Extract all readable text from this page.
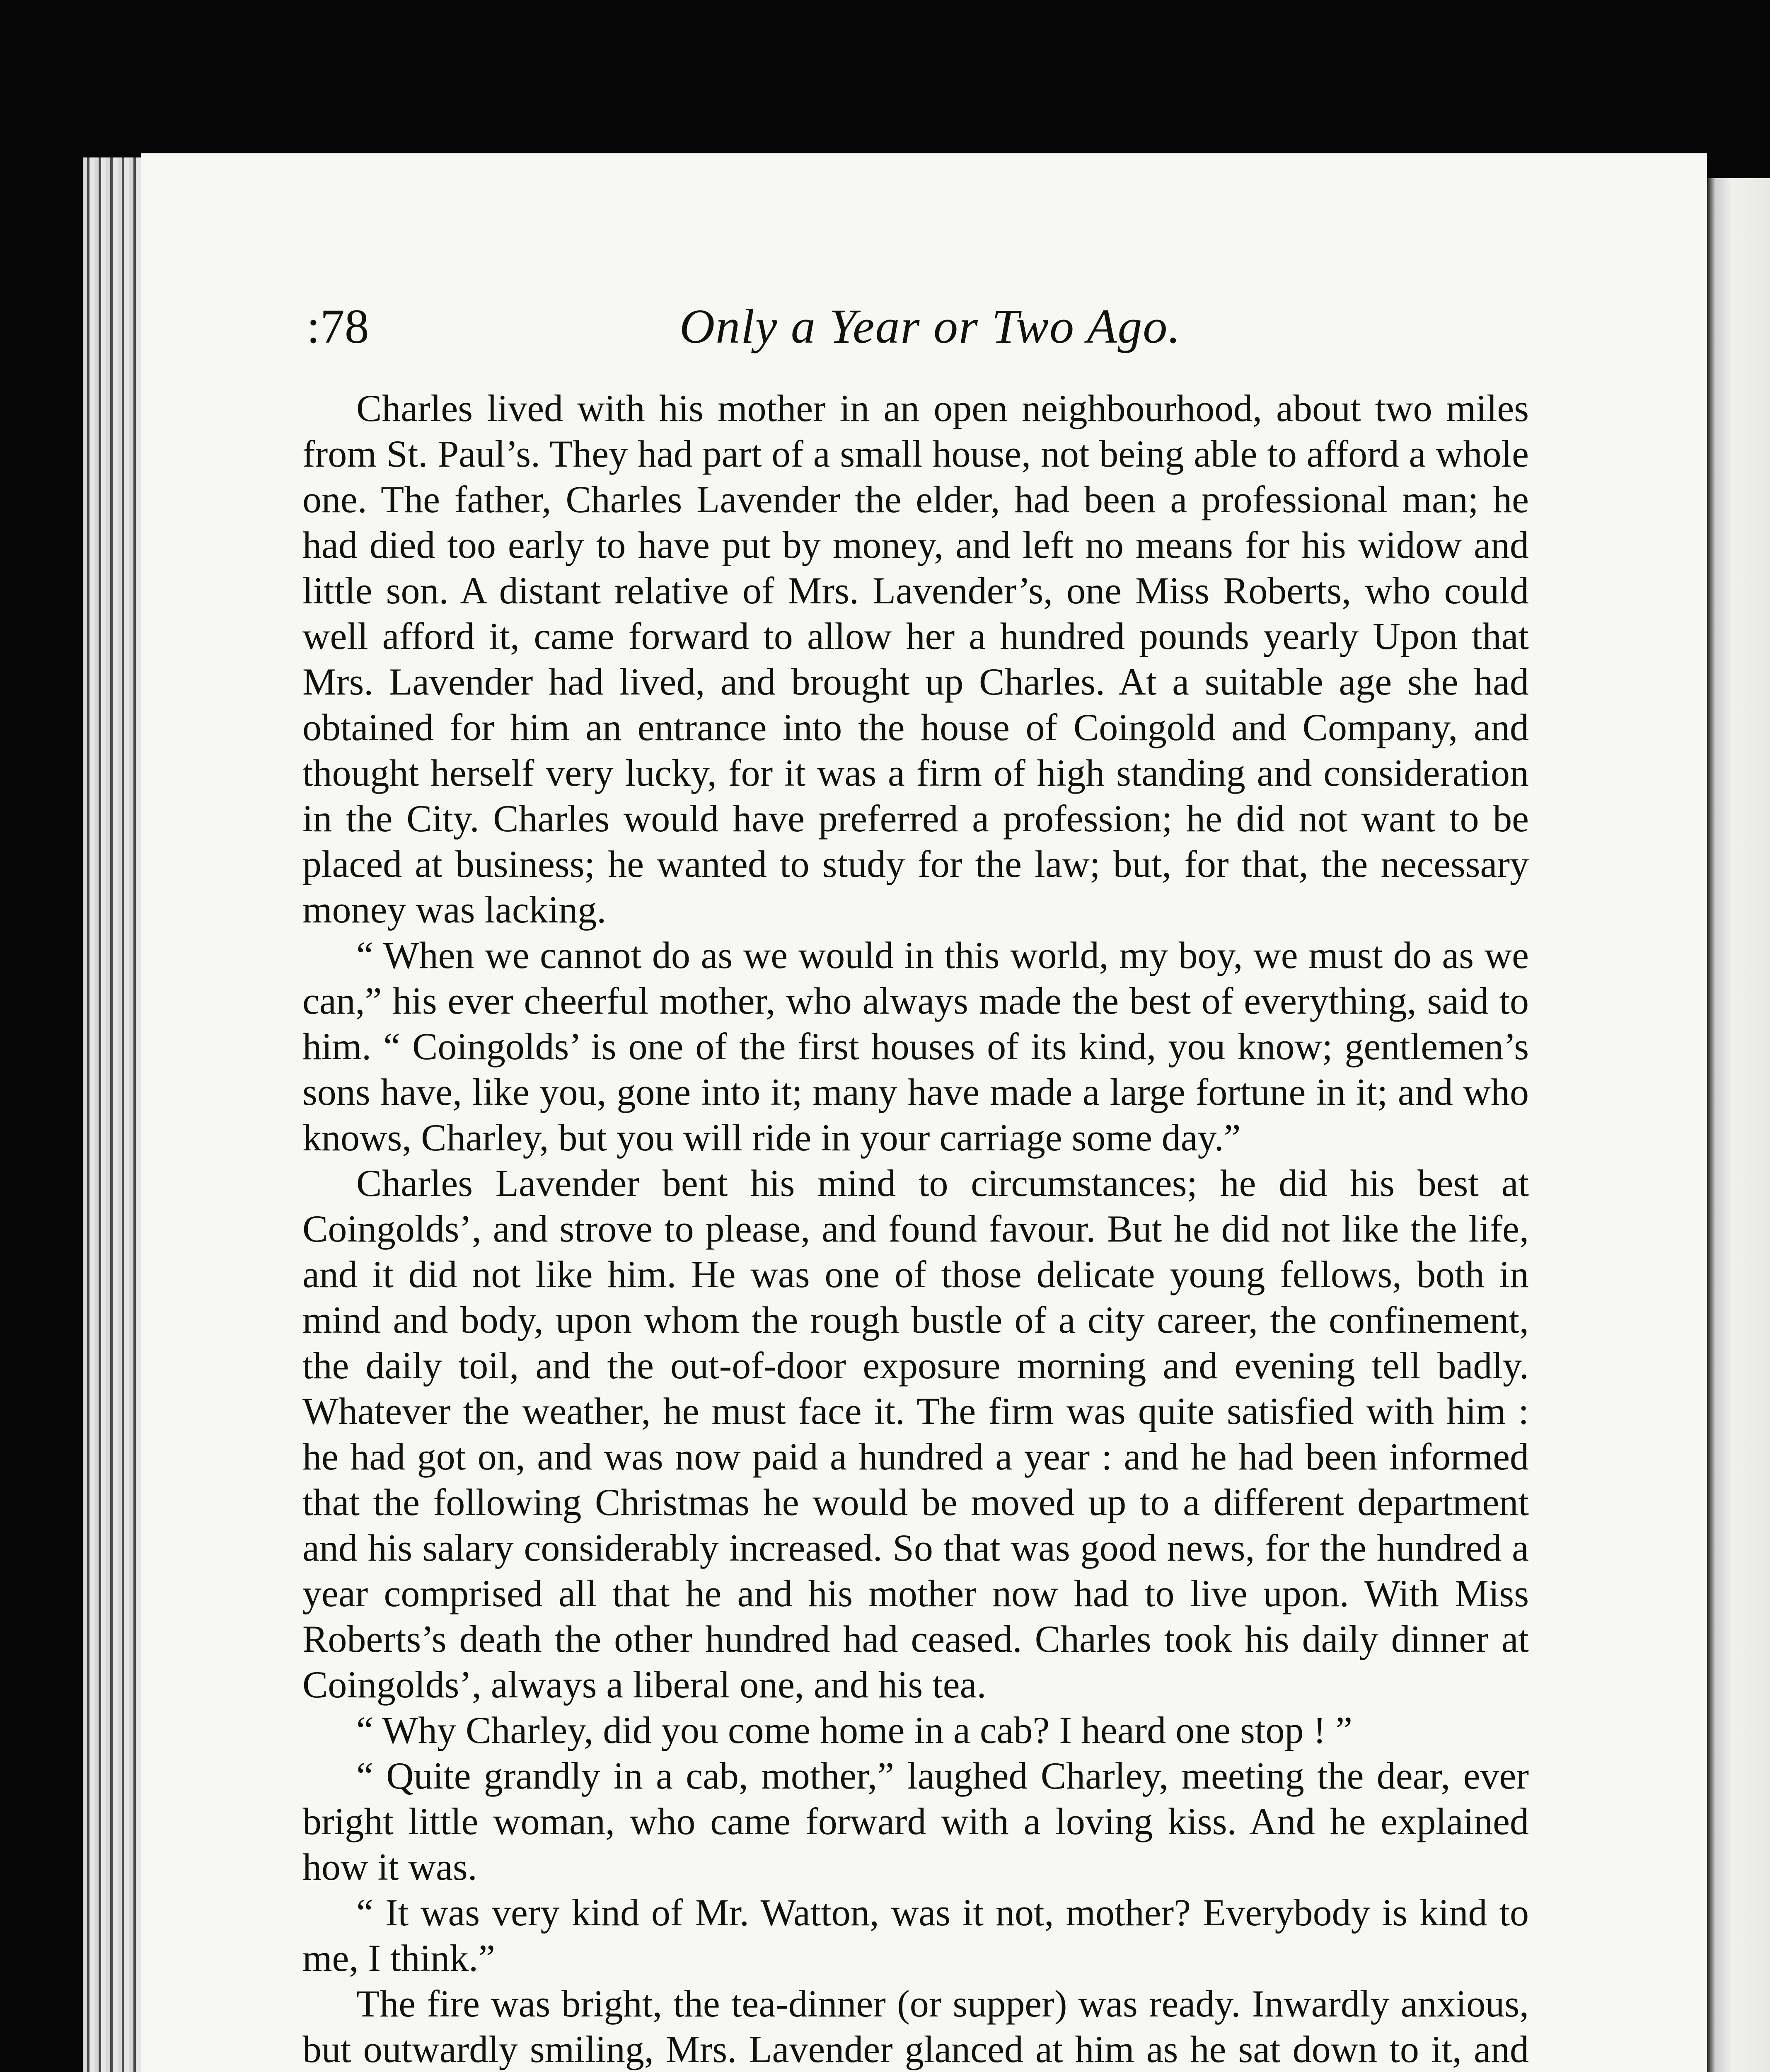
:78	Only a Year or Two Ago.

Charles lived with his mother in an open neighbourhood, about two miles from St. Paul’s. They had part of a small house, not being able to afford a whole one. The father, Charles Lavender the elder, had been a professional man; he had died too early to have put by money, and left no means for his widow and little son. A distant relative of Mrs. Lavender’s, one Miss Roberts, who could well afford it, came forward to allow her a hundred pounds yearly Upon that Mrs. Lavender had lived, and brought up Charles. At a suitable age she had obtained for him an entrance into the house of Coingold and Company, and thought herself very lucky, for it was a firm of high standing and consideration in the City. Charles would have preferred a profession; he did not want to be placed at business; he wanted to study for the law; but, for that, the necessary money was lacking.

“ When we cannot do as we would in this world, my boy, we must do as we can,” his ever cheerful mother, who always made the best of everything, said to him. “ Coingolds’ is one of the first houses of its kind, you know; gentlemen’s sons have, like you, gone into it; many have made a large fortune in it; and who knows, Charley, but you will ride in your carriage some day.”

Charles Lavender bent his mind to circumstances; he did his best at Coingolds’, and strove to please, and found favour. But he did not like the life, and it did not like him. He was one of those delicate young fellows, both in mind and body, upon whom the rough bustle of a city career, the confinement, the daily toil, and the out-of-door exposure morning and evening tell badly. Whatever the weather, he must face it. The firm was quite satisfied with him : he had got on, and was now paid a hundred a year : and he had been informed that the following Christmas he would be moved up to a different department and his salary considerably increased. So that was good news, for the hundred a year comprised all that he and his mother now had to live upon. With Miss Roberts’s death the other hundred had ceased. Charles took his daily dinner at Coingolds’, always a liberal one, and his tea.

“ Why Charley, did you come home in a cab? I heard one stop ! ”

“ Quite grandly in a cab, mother,” laughed Charley, meeting the dear, ever bright little woman, who came forward with a loving kiss. And he explained how it was.

“ It was very kind of Mr. Watton, was it not, mother? Everybody is kind to me, I think.”

The fire was bright, the tea-dinner (or supper) was ready. Inwardly anxious, but outwardly smiling, Mrs. Lavender glanced at him as he sat down to it, and
